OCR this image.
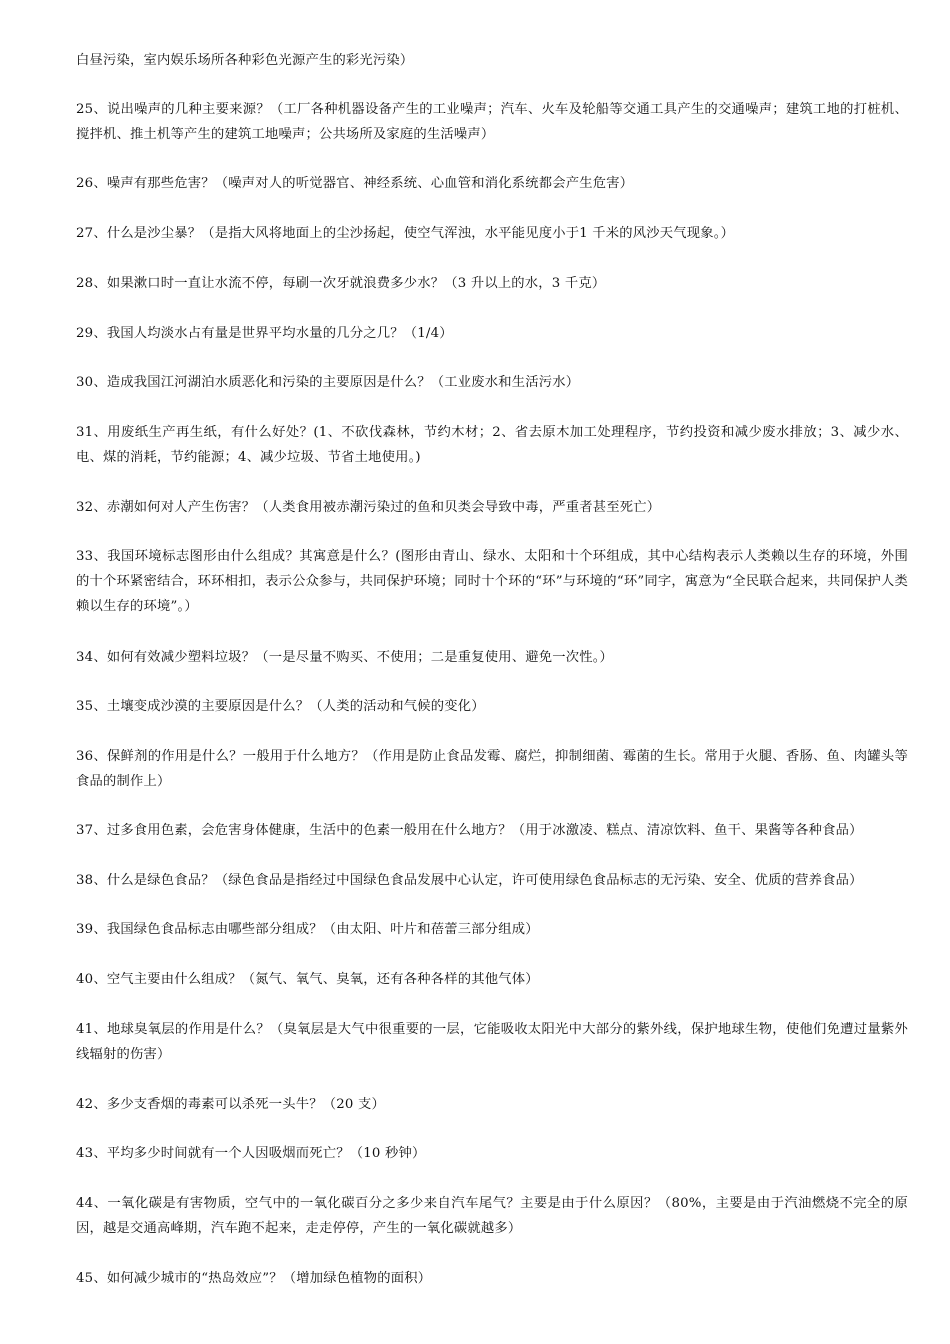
白昼污染，室内娱乐场所各种彩色光源产生的彩光污染）

25、说出噪声的几种主要来源？（工厂各种机器设备产生的工业噪声；汽车、火车及轮船等交通工具产生的交通噪声；建筑工地的打桩机、搅拌机、推土机等产生的建筑工地噪声；公共场所及家庭的生活噪声）

26、噪声有那些危害？（噪声对人的听觉器官、神经系统、心血管和消化系统都会产生危害）

27、什么是沙尘暴？（是指大风将地面上的尘沙扬起，使空气浑浊，水平能见度小于1 千米的风沙天气现象。）

28、如果漱口时一直让水流不停，每刷一次牙就浪费多少水？（3 升以上的水，3 千克）

29、我国人均淡水占有量是世界平均水量的几分之几？（1/4）

30、造成我国江河湖泊水质恶化和污染的主要原因是什么？（工业废水和生活污水）

31、用废纸生产再生纸，有什么好处？(1、不砍伐森林，节约木材；2、省去原木加工处理程序，节约投资和减少废水排放；3、减少水、电、煤的消耗，节约能源；4、减少垃圾、节省土地使用。)

32、赤潮如何对人产生伤害？（人类食用被赤潮污染过的鱼和贝类会导致中毒，严重者甚至死亡）

33、我国环境标志图形由什么组成？其寓意是什么？(图形由青山、绿水、太阳和十个环组成，其中心结构表示人类赖以生存的环境，外围的十个环紧密结合，环环相扣，表示公众参与，共同保护环境；同时十个环的“环”与环境的“环”同字，寓意为“全民联合起来，共同保护人类赖以生存的环境”。）

34、如何有效减少塑料垃圾？（一是尽量不购买、不使用；二是重复使用、避免一次性。）

35、土壤变成沙漠的主要原因是什么？（人类的活动和气候的变化）

36、保鲜剂的作用是什么？一般用于什么地方？（作用是防止食品发霉、腐烂，抑制细菌、霉菌的生长。常用于火腿、香肠、鱼、肉罐头等食品的制作上）

37、过多食用色素，会危害身体健康，生活中的色素一般用在什么地方？（用于冰激凌、糕点、清凉饮料、鱼干、果酱等各种食品）

38、什么是绿色食品？（绿色食品是指经过中国绿色食品发展中心认定，许可使用绿色食品标志的无污染、安全、优质的营养食品）

39、我国绿色食品标志由哪些部分组成？（由太阳、叶片和蓓蕾三部分组成）

40、空气主要由什么组成？（氮气、氧气、臭氧，还有各种各样的其他气体）

41、地球臭氧层的作用是什么？（臭氧层是大气中很重要的一层，它能吸收太阳光中大部分的紫外线，保护地球生物，使他们免遭过量紫外线辐射的伤害）

42、多少支香烟的毒素可以杀死一头牛？（20 支）

43、平均多少时间就有一个人因吸烟而死亡？（10 秒钟）

44、一氧化碳是有害物质，空气中的一氧化碳百分之多少来自汽车尾气？主要是由于什么原因？（80%，主要是由于汽油燃烧不完全的原因，越是交通高峰期，汽车跑不起来，走走停停，产生的一氧化碳就越多）

45、如何减少城市的“热岛效应”？（增加绿色植物的面积）
